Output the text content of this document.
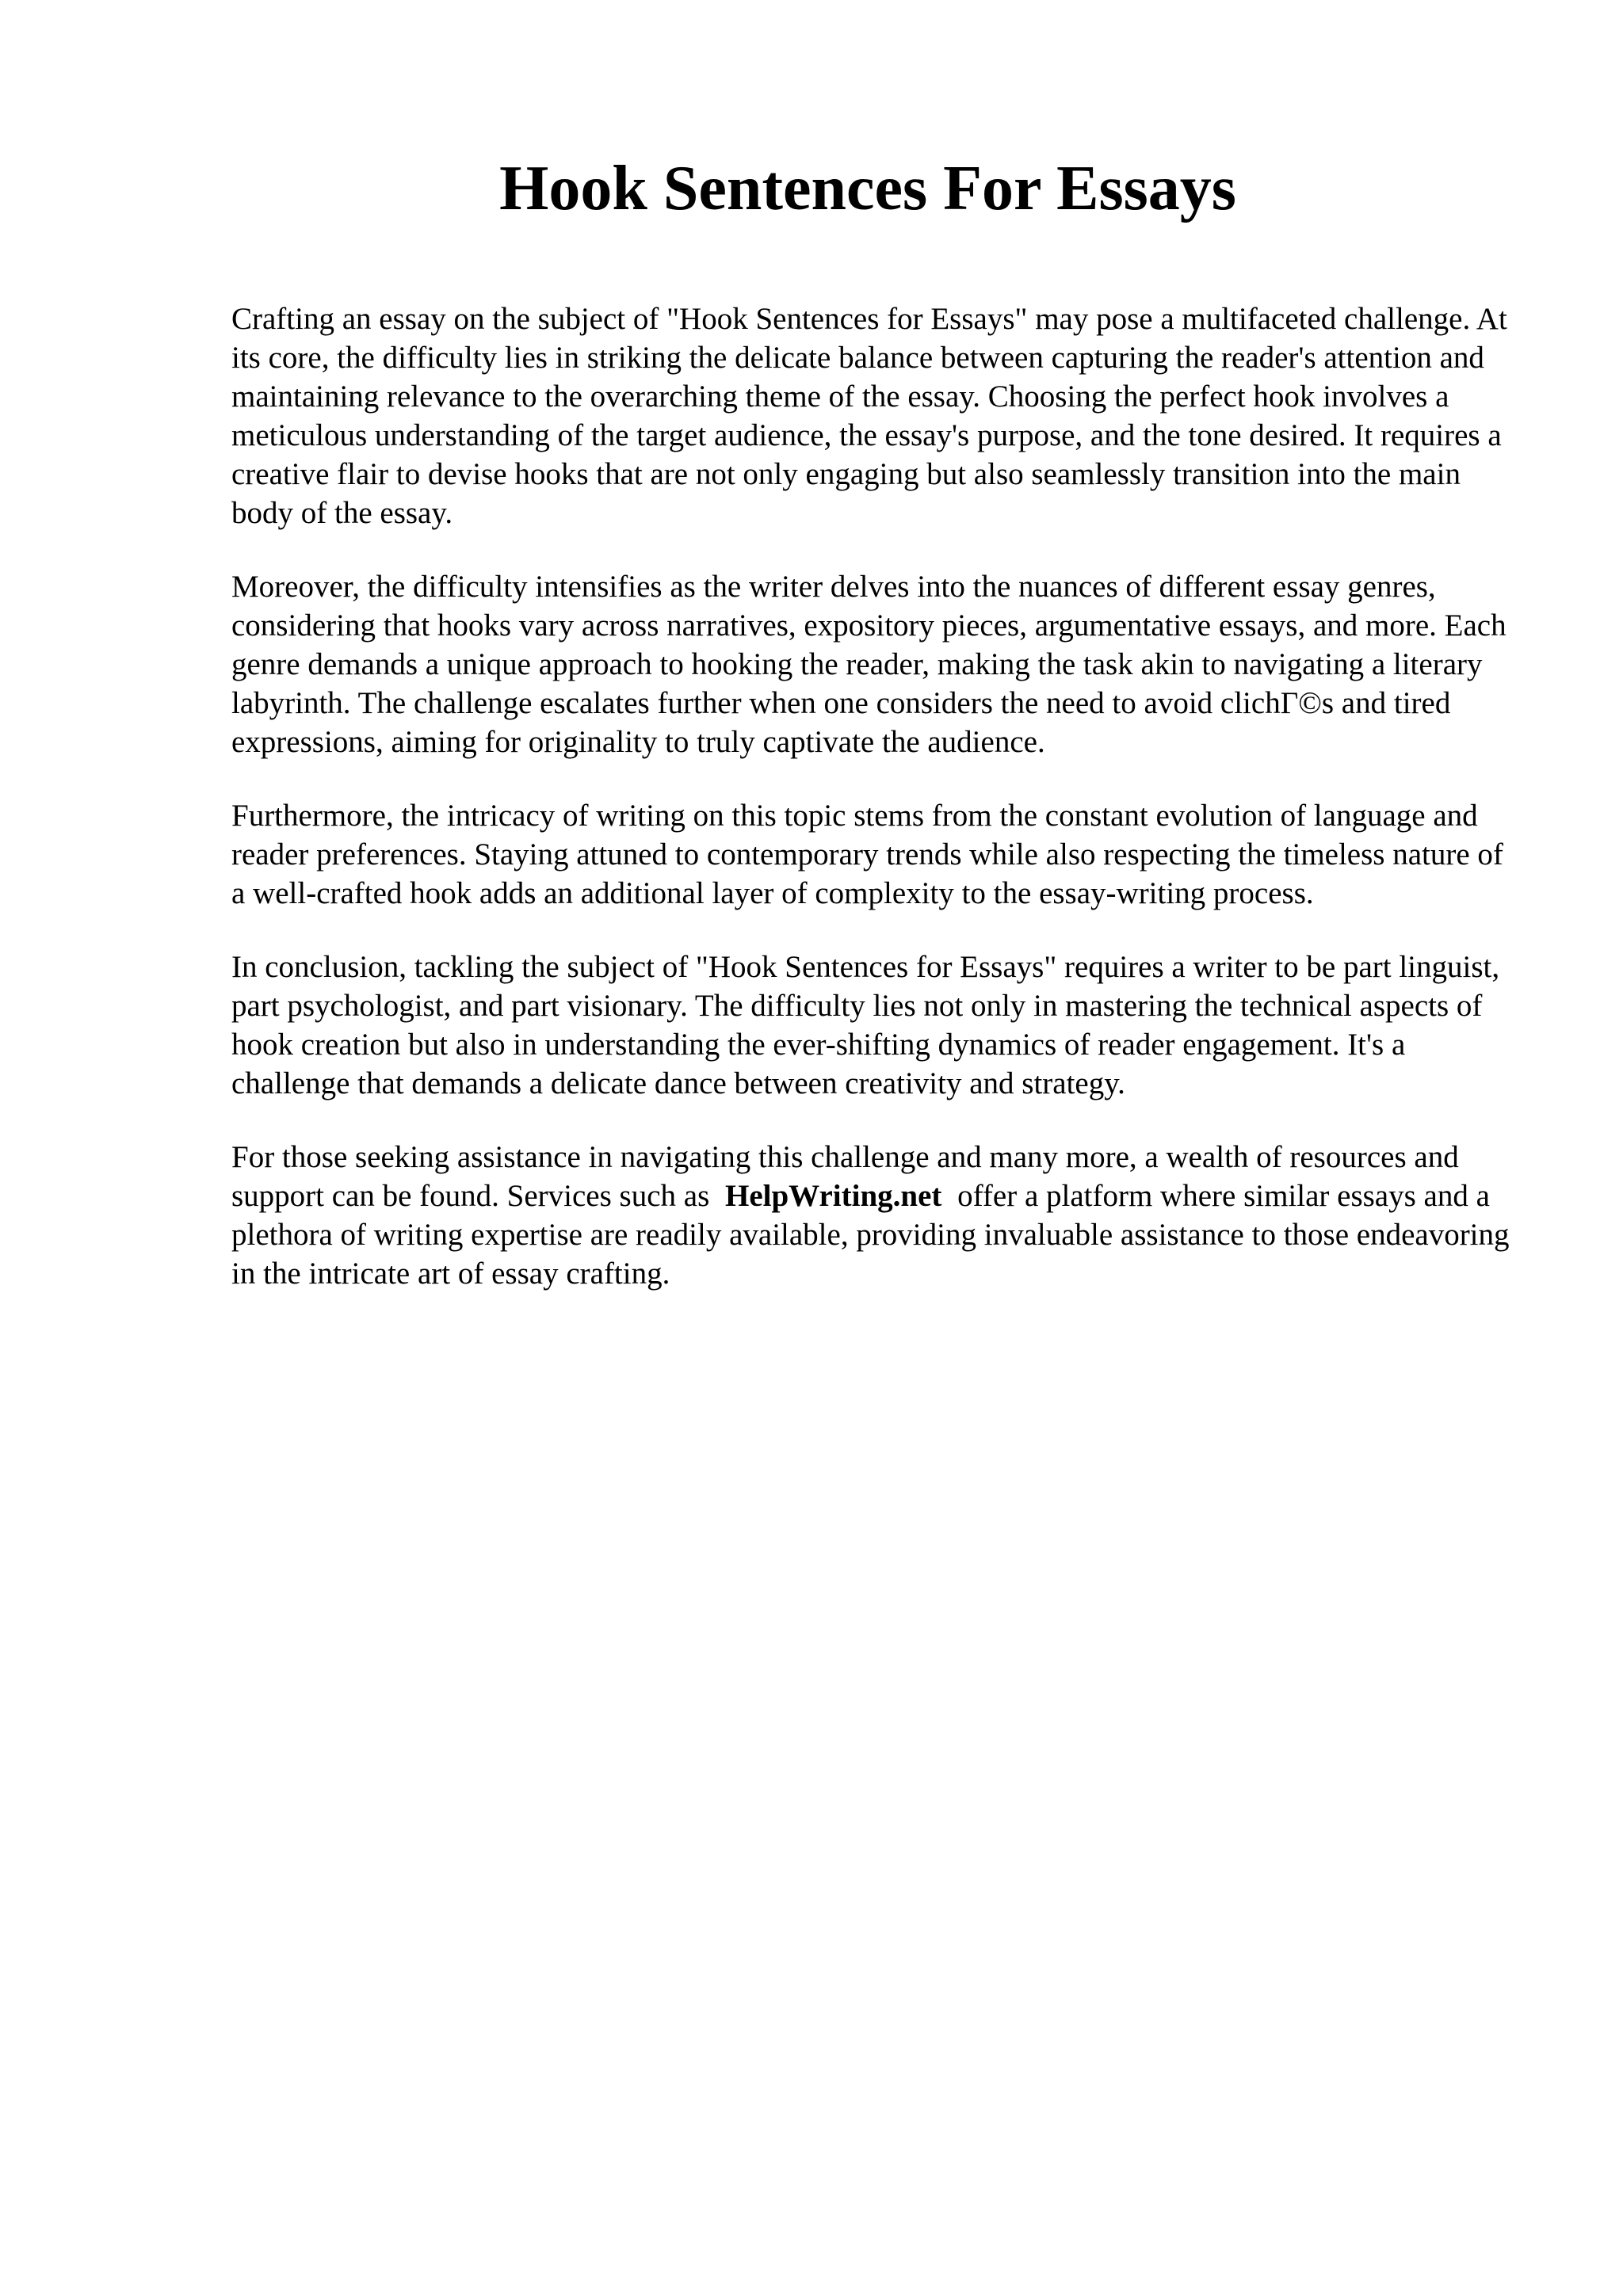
Hook Sentences For Essays

Crafting an essay on the subject of "Hook Sentences for Essays" may pose a multifaceted challenge. At its core, the difficulty lies in striking the delicate balance between capturing the reader's attention and maintaining relevance to the overarching theme of the essay. Choosing the perfect hook involves a meticulous understanding of the target audience, the essay's purpose, and the tone desired. It requires a creative flair to devise hooks that are not only engaging but also seamlessly transition into the main body of the essay.

Moreover, the difficulty intensifies as the writer delves into the nuances of different essay genres, considering that hooks vary across narratives, expository pieces, argumentative essays, and more. Each genre demands a unique approach to hooking the reader, making the task akin to navigating a literary labyrinth. The challenge escalates further when one considers the need to avoid clichΓ©s and tired expressions, aiming for originality to truly captivate the audience.

Furthermore, the intricacy of writing on this topic stems from the constant evolution of language and reader preferences. Staying attuned to contemporary trends while also respecting the timeless nature of a well-crafted hook adds an additional layer of complexity to the essay-writing process.

In conclusion, tackling the subject of "Hook Sentences for Essays" requires a writer to be part linguist, part psychologist, and part visionary. The difficulty lies not only in mastering the technical aspects of hook creation but also in understanding the ever-shifting dynamics of reader engagement. It's a challenge that demands a delicate dance between creativity and strategy.

For those seeking assistance in navigating this challenge and many more, a wealth of resources and support can be found. Services such as HelpWriting.net offer a platform where similar essays and a plethora of writing expertise are readily available, providing invaluable assistance to those endeavoring in the intricate art of essay crafting.
